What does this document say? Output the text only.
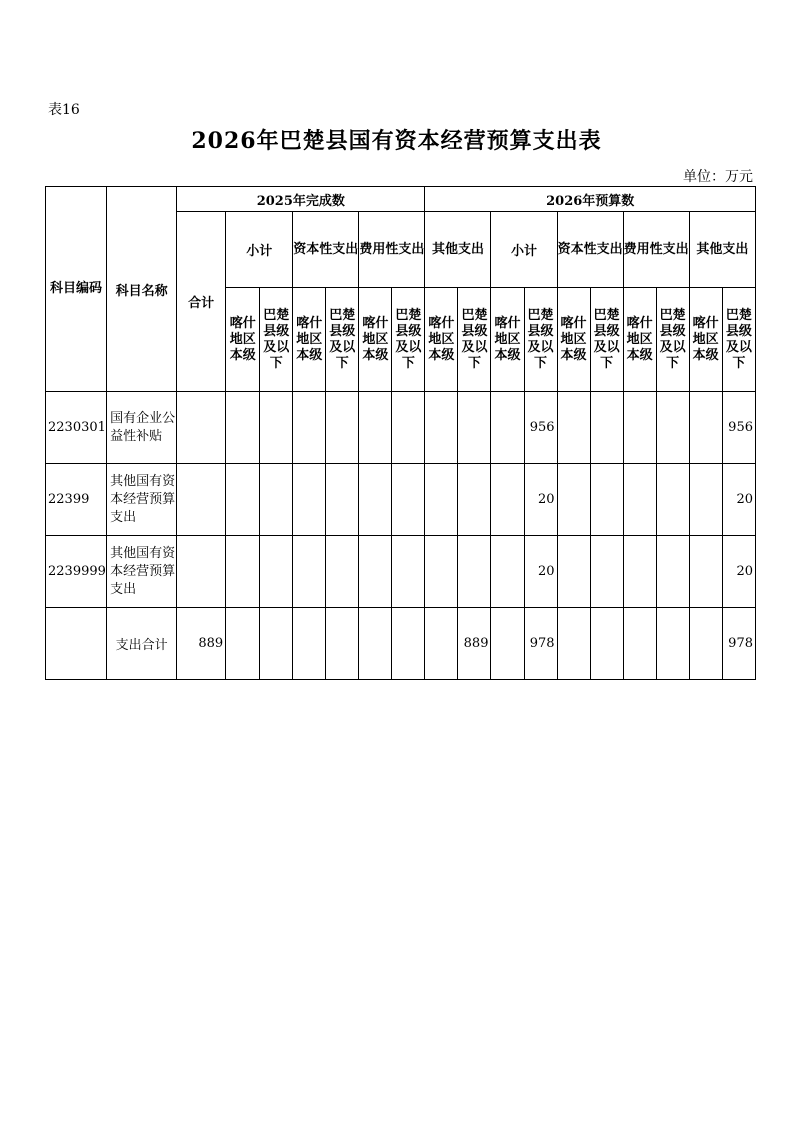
表16
2026年巴楚县国有资本经营预算支出表
单位：万元
科目编码	科目名称	2025年完成数							2026年预算数									
		合计	小计		资本性支出		费用性支出		其他支出		小计		资本性支出		费用性支出		其他支出	
			喀什地区本级	巴楚县级及以下	喀什地区本级	巴楚县级及以下	喀什地区本级	巴楚县级及以下	喀什地区本级	巴楚县级及以下	喀什地区本级	巴楚县级及以下	喀什地区本级	巴楚县级及以下	喀什地区本级	巴楚县级及以下	喀什地区本级	巴楚县级及以下
2230301	国有企业公益性补贴											956						956
22399	其他国有资本经营预算支出											20						20
2239999	其他国有资本经营预算支出											20						20
	支出合计	889								889		978						978
